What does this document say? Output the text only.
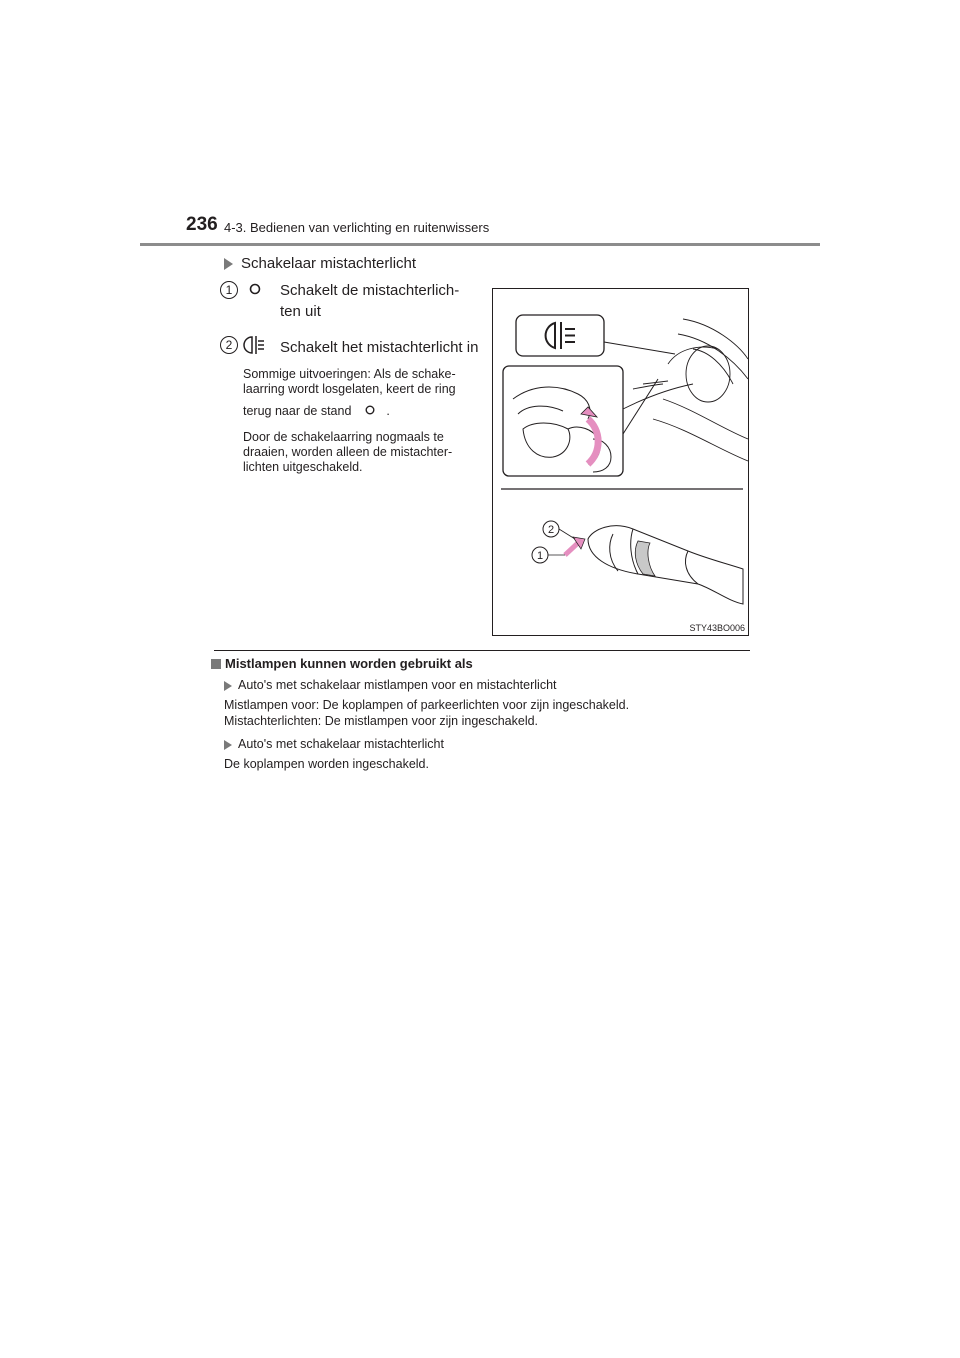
236 4-3. Bedienen van verlichting en ruitenwissers
Schakelaar mistachterlicht
1	Schakelt de mistachterlich-
ten uit
2	Schakelt het mistachterlicht in
Sommige uitvoeringen: Als de schake-
laarring wordt losgelaten, keert de ring
terug naar de stand	.
Door de schakelaarring nogmaals te
draaien, worden alleen de mistachter-
lichten uitgeschakeld.
2
1
STY43BO006
Mistlampen kunnen worden gebruikt als
Auto's met schakelaar mistlampen voor en mistachterlicht
Mistlampen voor: De koplampen of parkeerlichten voor zijn ingeschakeld.
Mistachterlichten: De mistlampen voor zijn ingeschakeld.
Auto's met schakelaar mistachterlicht
De koplampen worden ingeschakeld.
